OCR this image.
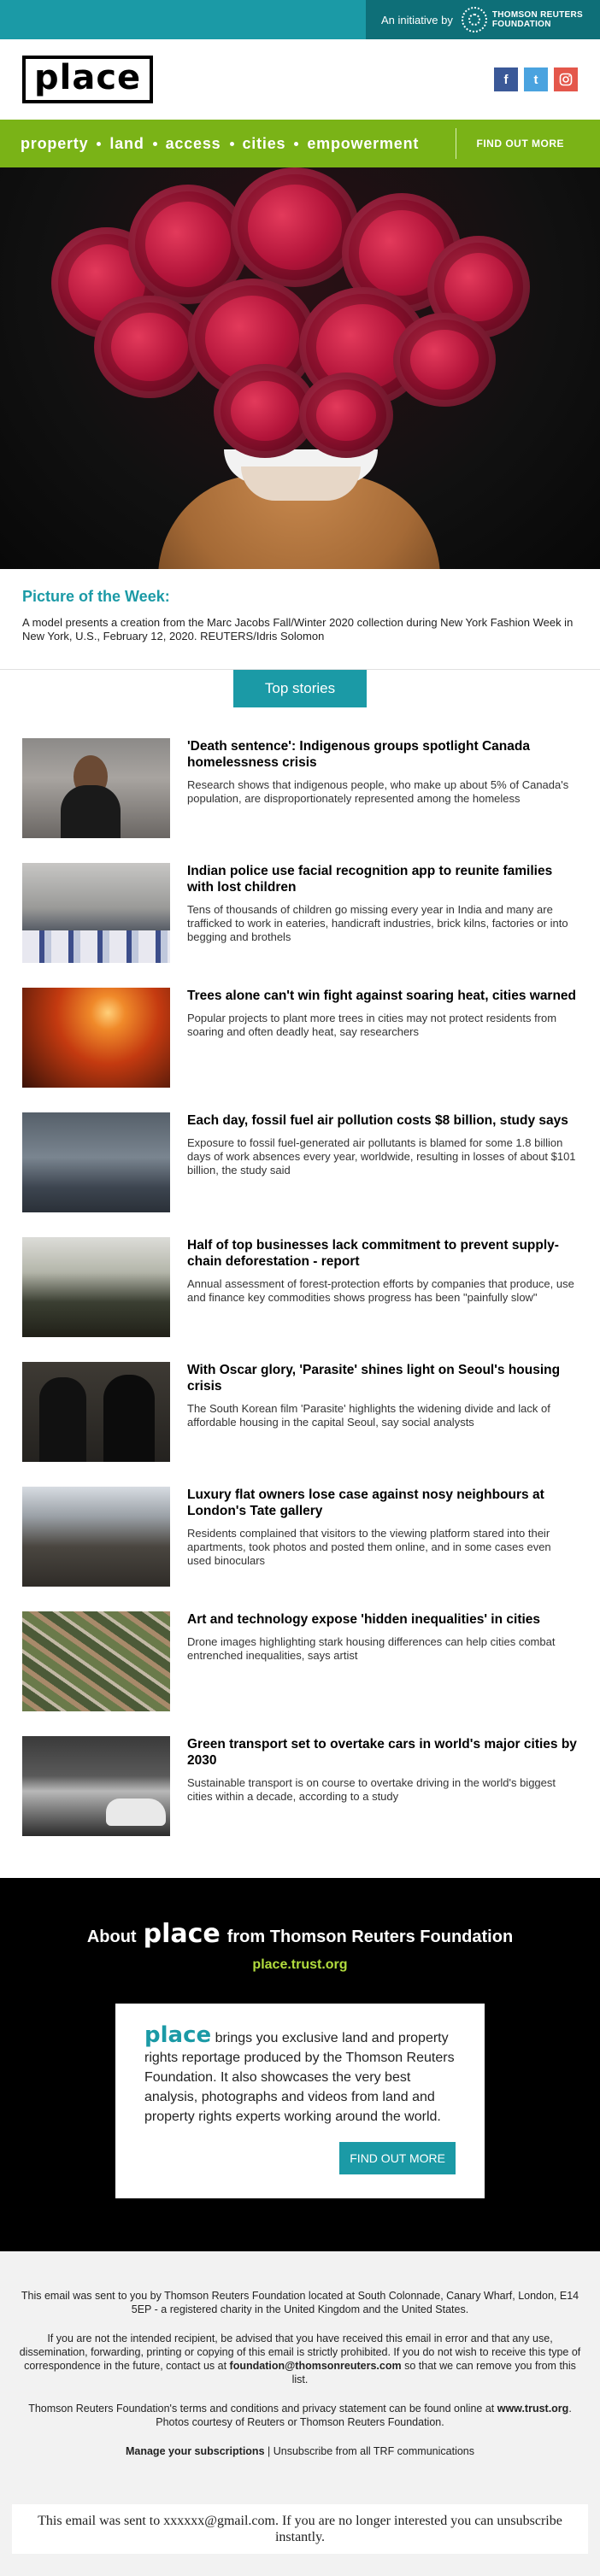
An initiative by	THOMSON REUTERS
FOUNDATION
place	f	t
property land access cities empowerment	FIND OUT MORE
Picture of the Week:

A model presents a creation from the Marc Jacobs Fall/Winter 2020 collection during New York Fashion Week in New York, U.S., February 12, 2020. REUTERS/Idris Solomon

Top stories
'Death sentence': Indigenous groups spotlight Canada homelessness crisis

Research shows that indigenous people, who make up about 5% of Canada's population, are disproportionately represented among the homeless

Indian police use facial recognition app to reunite families with lost children

Tens of thousands of children go missing every year in India and many are trafficked to work in eateries, handicraft industries, brick kilns, factories or into begging and brothels

Trees alone can't win fight against soaring heat, cities warned

Popular projects to plant more trees in cities may not protect residents from soaring and often deadly heat, say researchers

Each day, fossil fuel air pollution costs $8 billion, study says

Exposure to fossil fuel-generated air pollutants is blamed for some 1.8 billion days of work absences every year, worldwide, resulting in losses of about $101 billion, the study said

Half of top businesses lack commitment to prevent supply-chain deforestation - report

Annual assessment of forest-protection efforts by companies that produce, use and finance key commodities shows progress has been "painfully slow"

With Oscar glory, 'Parasite' shines light on Seoul's housing crisis

The South Korean film 'Parasite' highlights the widening divide and lack of affordable housing in the capital Seoul, say social analysts

Luxury flat owners lose case against nosy neighbours at London's Tate gallery

Residents complained that visitors to the viewing platform stared into their apartments, took photos and posted them online, and in some cases even used binoculars

Art and technology expose 'hidden inequalities' in cities

Drone images highlighting stark housing differences can help cities combat entrenched inequalities, says artist

Green transport set to overtake cars in world's major cities by 2030

Sustainable transport is on course to overtake driving in the world's biggest cities within a decade, according to a study

About place from Thomson Reuters Foundation
place.trust.org

place brings you exclusive land and property rights reportage produced by the Thomson Reuters Foundation. It also showcases the very best analysis, photographs and videos from land and property rights experts working around the world.

FIND OUT MORE

This email was sent to you by Thomson Reuters Foundation located at South Colonnade, Canary Wharf, London, E14 5EP - a registered charity in the United Kingdom and the United States.

If you are not the intended recipient, be advised that you have received this email in error and that any use, dissemination, forwarding, printing or copying of this email is strictly prohibited. If you do not wish to receive this type of correspondence in the future, contact us at foundation@thomsonreuters.com so that we can remove you from this list.

Thomson Reuters Foundation's terms and conditions and privacy statement can be found online at www.trust.org.
Photos courtesy of Reuters or Thomson Reuters Foundation.

Manage your subscriptions | Unsubscribe from all TRF communications

This email was sent to xxxxxx@gmail.com. If you are no longer interested you can unsubscribe instantly.
